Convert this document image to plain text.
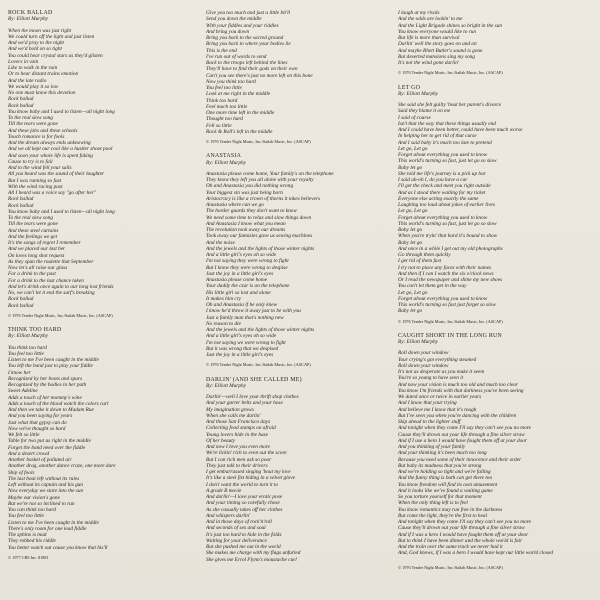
ROCK BALLAD
By: Elliott Murphy
When the moon was just right
We could turn off the light and just listen
And we'd pray to the night
And we'd hold on so tight
You could hear crystal stars as they'd glisten
Lovers in vain
Like to walk in the rain
Or to hear distant trains emotion
And the late radio
We would play it so low
No one must know this devotion
Rock ballad
Rock ballad
You know baby and I used to listen—all night long
To the real slow song
Till the tears were gone
And these jobs and these schools
Touch romance is for fools
And the dream always ends unknowing
And we all kept our cool like a hustler shoot pool
And soon your whole life is spent faking
Cause to try is to fail
And to the wind fell your sails
All you heard was the sound of their laughter
But I was running so fast
With the wind racing past
All I heard was a voice say "go after her"
Rock ballad
Rock ballad
You know baby and I used to listen—all night long
To the real slow song
Till the tears were gone
And these steel curtains
And the feelings we get
It's the songs of regret I remember
And we placed our last bet
On loves long shot request
As they spun the roulette that September
Now let's all raise our glass
For a drink to the past
For a drink to the last chance taken
And let's drink once again to our long lost friends
No, we can't let it end the surf's breaking
Rock ballad
Rock ballad
© 1976 Tender Night Music, Inc./Sailah Music, Inc. (ASCAP)
THINK TOO HARD
By: Elliott Murphy
You think too hard
You feel too little
Listen to me I've been caught in the middle
You left the band just to play your fiddle
I know her
Recognized by her boots and spurs
Recognized by the bodies in her path
Sweet Adeline
Adds a touch of her mommy's wine
Adds a touch of the blood watch the colors curl
And then we take it down to Madam Rue
And you been saying for years
Just what that gypsy can do
Now we've thought so hard
We felt so little
Table for two put us right in the middle
Forget the band need over the fiddle
And a desert crowd
Another basket of polluted air
Another drag, another dance craze, one more dare
Ship of fools
The last boat left without its rules
Left without its captain and his gun
Now everyday we stare into the sun
Maybe our vision's gone
But we're not so inclined to run
You can think too hard
You feel too little
Listen to me I've been caught in the middle
There's only room for one lead fiddle
The sphinx is mad
They robbed his riddle
You better watch out cause you know that his'll
© 1977 CBS Inc. 81881
Give you too much and just a little bit'll
Send you down the middle
With your fiddles and your riddles
And bring you down
Bring you back to the sacred ground
Bring you back to where your bodies lie
This is the end
I've run out of words to send
Back to the troops left behind the lines
They'll have to find their gods on their own
Can't you see there's just no more left on this bone
Now you think too hard
You feel too little
Look at me right in the middle
Think too hard
Feel much too little
One more time left in the middle
Thought too hard
Fell so little
Rock & Roll's left in the middle
© 1976 Tender Night Music, Inc./Sailah Music, Inc. (ASCAP)
ANASTASIA
By: Elliott Murphy
Anastasia please come home, Your family's on the telephone
They know they left you all alone with your royalty
Oh and Anastasia you did nothing wrong
Your biggest sin was just being born
Aristocracy is like a crown of thorns it takes believers
Anastasia where can we go
The border guards they don't want to know
We need some time to relax and slow things down
And Anastasia I know what you mean
The revolution took away our dreams
Took away our fantasies gave us sewing machines
And the noise
And the jewels and the lights of those winter nights
And a little girl's eyes oh so wide
I'm not saying they were wrong to fight
But I know they were wrong to despise
Just the joy in a little girl's eyes
Anastasia please come home
Your daddy the czar is on the telephone
His little girl so lost and alone
It makes him cry
Oh and Anastasia if he only knew
I know he'd throw it away just to be with you
Just a family man that's nothing new
No reason to die
And the jewels and the lights of those winter nights
And a little girl's eyes oh so wide
I'm not saying we were wrong to fight
But it was wrong that we despised
Just the joy in a little girl's eyes
© 1976 Tender Night Music, Inc./Sailah Music, Inc. (ASCAP)
DARLIN' (AND SHE CALLED ME)
By: Elliott Murphy
Darlin'—well I love your thrift shop clothes
And your garter belts and your hose
My imagination grows
When she calls me darlin'
And those San Francisco days
Collecting food stamps on afraid
Young lovers hide in the haze
Of her beauty
And now I love you even more
We're lickin' rich to even out the score
But I can rich men ask so poor
They just talk to their drivers
I get embarrassed singing 'bout my love
It's like a steel fist hiding in a velvet glove
I don't want the world to turn it to
A grade B movie
And darlin'—I love your erotic pose
And your timing so carefully chose
As she casually takes off her clothes
And whispers darlin'
And in those days of rock'n'roll
And seconds of sex and soul
It's just too hard to hide in the folds
Waiting for your deliverance
But she pushed me out in the world
She makes me charge with my flags unfurled
She gives me Errol Flynn's moustache curl
I laugh at my rivals
And the odds are lookin' to me
And the Light Brigade shines so bright in the sun
You know everyone would like to run
But life is more than survival
Darlin' well the story goes on and on
And maybe Rhett Butler's sound is gone
But deserted mansions sing my song
It's not the wind gone darlin'
© 1976 Tender Night Music, Inc./Sailah Music, Inc. (ASCAP)
LET GO
By: Elliott Murphy
She said she felt guilty 'bout her parent's divorce
Said they blame it on me
I said of course
Isn't that the way that these things usually end
And I could have been better, could have been much worse
In helping her to get rid of that curse
And I said baby it's much too late to pretend
Let go, Let go
Forget about everything you used to know
This world's turning so fast, just let go so slow
Baby let go
She told me life's journey is a pick up bar
I said uh-oh I, do you have a car
I'll get the check and meet you right outside
And as I stood there waiting for my ticket
Everyone else acting exactly the same
Laughing too loud about jokes of earlier lives
Let go, Let go
Forget about everything you used to know
This world's turning so fast, just let go so slow
Baby let go
When you're tryin' that hard it's bound to show
Baby let go
And once in a while I get out my old photographs
Go through them quickly
I get rid of them fast
I try not to place any faces with their names
And then if I can I watch the six o'clock news
Or I read the newspaper and shine my new shoes
You can't let them get in the way
Let go, Let go
Forget about everything you used to know
This world's turning so fast just forget so slow
Baby let go
© 1976 Tender Night Music, Inc./Sailah Music, Inc. (ASCAP)
CAUGHT SHORT IN THE LONG RUN
By: Elliott Murphy
Roll down your window
Your crying's got everything steamed
Roll down your window
It's not as desperate as you make it seem
You're so young to have seen it
And now your vision is much too old and much too clear
You know I'm friends with that darkness you've been seeing
We dated once or twice in earlier years
And I know that your trying
And believe me I know that it's tough
But I've seen you when you're dancing with the children
Skip ahead to the lighter stuff
And tonight when they come I'll say they can't see you no more
Cause they'll drown out your life through a fine silver straw
And if I use a hero I would have fought them off at your door
And you thinking of your family
And your thinking it's been much too long
Because you need some of their innocence and their order
But baby its madness that you're strong
And we're holding so tight and we're falling
And the funny thing is both can get there too
You know freedom will find its own amusement
And it looks like we've found a waiting game
So you torture yourself for that moment
When the only thing left is to feel
You know romantics may run free in the darkness
But come the light, they're the first to heal
And tonight when they come I'll say they can't see you no more
Cause they'll drown out your life through a fine silver straw
And if I was a hero I would have fought them off at your door
But to think I have been dinner and the whole world is fair
And the train over the same track we never had it
And, God knows, if I was a hero I would have kept our little world closed
© 1976 Tender Night Music, Inc./Sailah Music, Inc. (ASCAP)
